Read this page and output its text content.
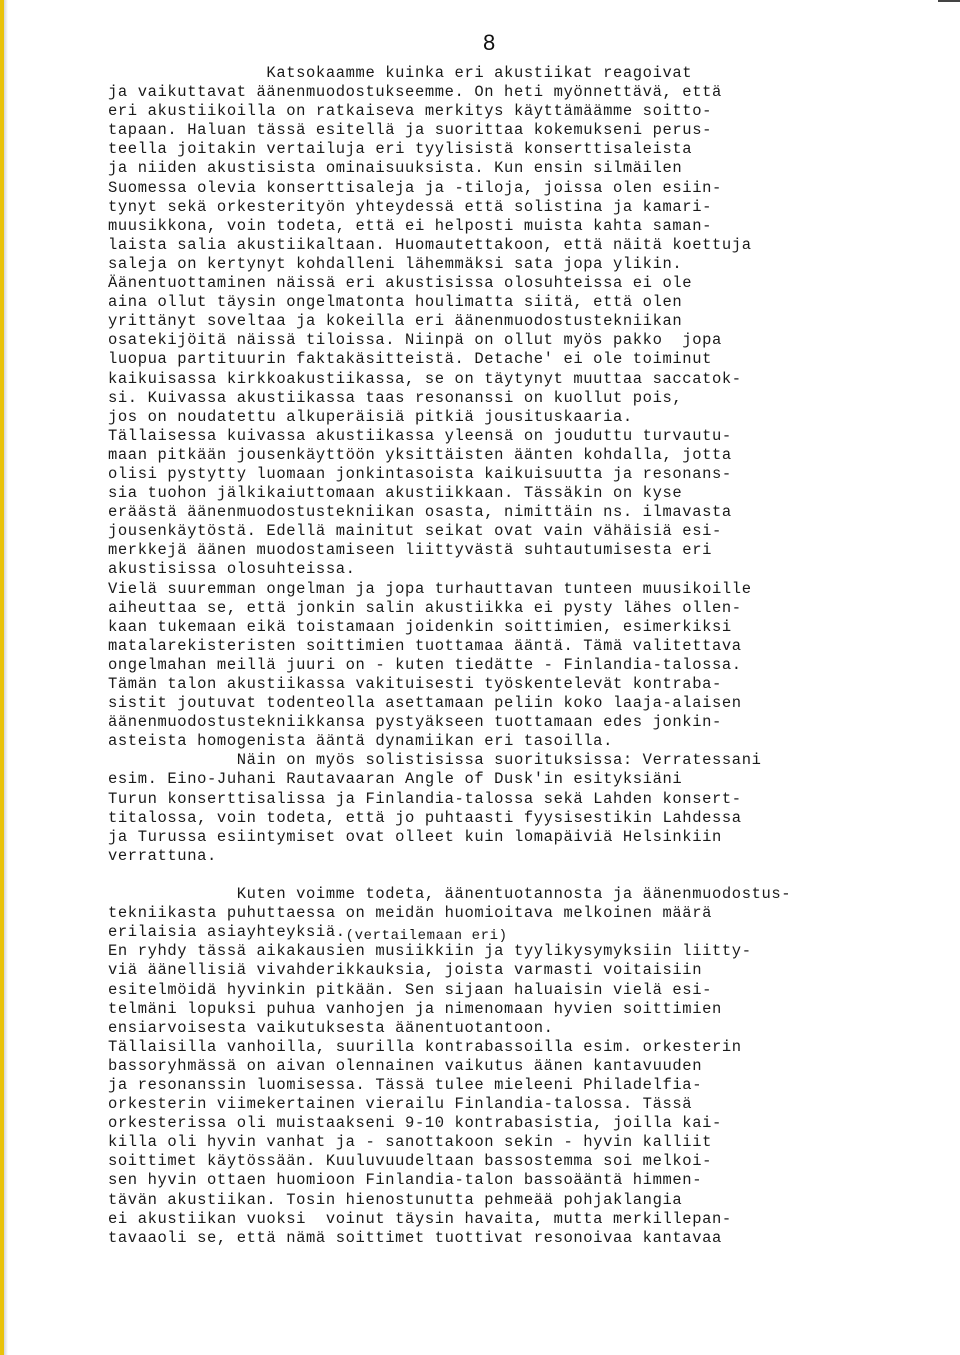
8
Katsokaamme kuinka eri akustiikat reagoivat
ja vaikuttavat äänenmuodostukseemme. On heti myönnettävä, että
eri akustiikoilla on ratkaiseva merkitys käyttämäämme soitto-
tapaan. Haluan tässä esitellä ja suorittaa kokemukseni perus-
teella joitakin vertailuja eri tyylisistä konserttisaleista
ja niiden akustisista ominaisuuksista. Kun ensin silmäilen
Suomessa olevia konserttisaleja ja -tiloja, joissa olen esiin-
tynyt sekä orkesterityön yhteydessä että solistina ja kamari-
muusikkona, voin todeta, että ei helposti muista kahta saman-
laista salia akustiikaltaan. Huomautettakoon, että näitä koettuja
saleja on kertynyt kohdalleni lähemmäksi sata jopa ylikin.
Äänentuottaminen näissä eri akustisissa olosuhteissa ei ole
aina ollut täysin ongelmatonta houlimatta siitä, että olen
yrittänyt soveltaa ja kokeilla eri äänenmuodostustekniikan
osatekijöitä näissä tiloissa. Niinpä on ollut myös pakko  jopa
luopua partituurin faktakäsitteistä. Detache' ei ole toiminut
kaikuisassa kirkkoakustiikassa, se on täytynyt muuttaa saccatok-
si. Kuivassa akustiikassa taas resonanssi on kuollut pois,
jos on noudatettu alkuperäisiä pitkiä jousituskaaria.
Tällaisessa kuivassa akustiikassa yleensä on jouduttu turvautu-
maan pitkään jousenkäyttöön yksittäisten äänten kohdalla, jotta
olisi pystytty luomaan jonkintasoista kaikuisuutta ja resonans-
sia tuohon jälkikaiuttomaan akustiikkaan. Tässäkin on kyse
eräästä äänenmuodostustekniikan osasta, nimittäin ns. ilmavasta
jousenkäytöstä. Edellä mainitut seikat ovat vain vähäisiä esi-
merkkejä äänen muodostamiseen liittyvästä suhtautumisesta eri
akustisissa olosuhteissa.
Vielä suuremman ongelman ja jopa turhauttavan tunteen muusikoille
aiheuttaa se, että jonkin salin akustiikka ei pysty lähes ollen-
kaan tukemaan eikä toistamaan joidenkin soittimien, esimerkiksi
matalarekisteristen soittimien tuottamaa ääntä. Tämä valitettava
ongelmahan meillä juuri on - kuten tiedätte - Finlandia-talossa.
Tämän talon akustiikassa vakituisesti työskentelevät kontraba-
sistit joutuvat todenteolla asettamaan peliin koko laaja-alaisen
äänenmuodostustekniikkansa pystyäkseen tuottamaan edes jonkin-
asteista homogenista ääntä dynamiikan eri tasoilla.
Näin on myös solistisissa suorituksissa: Verratessani
esim. Eino-Juhani Rautavaaran Angle of Dusk'in esityksiäni
Turun konserttisalissa ja Finlandia-talossa sekä Lahden konsert-
titalossa, voin todeta, että jo puhtaasti fyysisestikin Lahdessa
ja Turussa esiintymiset ovat olleet kuin lomapäiviä Helsinkiin
verrattuna.
Kuten voimme todeta, äänentuotannosta ja äänenmuodostus-
tekniikasta puhuttaessa on meidän huomioitava melkoinen määrä
erilaisia asiayhteyksiä.(vertailemaan eri)
En ryhdy tässä aikakausien musiikkiin ja tyylikysymyksiin liitty-
viä äänellisiä vivahderikkauksia, joista varmasti voitaisiin
esitelmöidä hyvinkin pitkään. Sen sijaan haluaisin vielä esi-
telmäni lopuksi puhua vanhojen ja nimenomaan hyvien soittimien
ensiarvoisesta vaikutuksesta äänentuotantoon.
Tällaisilla vanhoilla, suurilla kontrabassoilla esim. orkesterin
bassoryhmässä on aivan olennainen vaikutus äänen kantavuuden
ja resonanssin luomisessa. Tässä tulee mieleeni Philadelfia-
orkesterin viimekertainen vierailu Finlandia-talossa. Tässä
orkesterissa oli muistaakseni 9-10 kontrabasistia, joilla kai-
killa oli hyvin vanhat ja - sanottakoon sekin - hyvin kalliit
soittimet käytössään. Kuuluvuudeltaan bassostemma soi melkoi-
sen hyvin ottaen huomioon Finlandia-talon bassoääntä himmen-
tävän akustiikan. Tosin hienostunutta pehmeää pohjaklangia
ei akustiikan vuoksi  voinut täysin havaita, mutta merkillepan-
tavaaoli se, että nämä soittimet tuottivat resonoivaa kantavaa
